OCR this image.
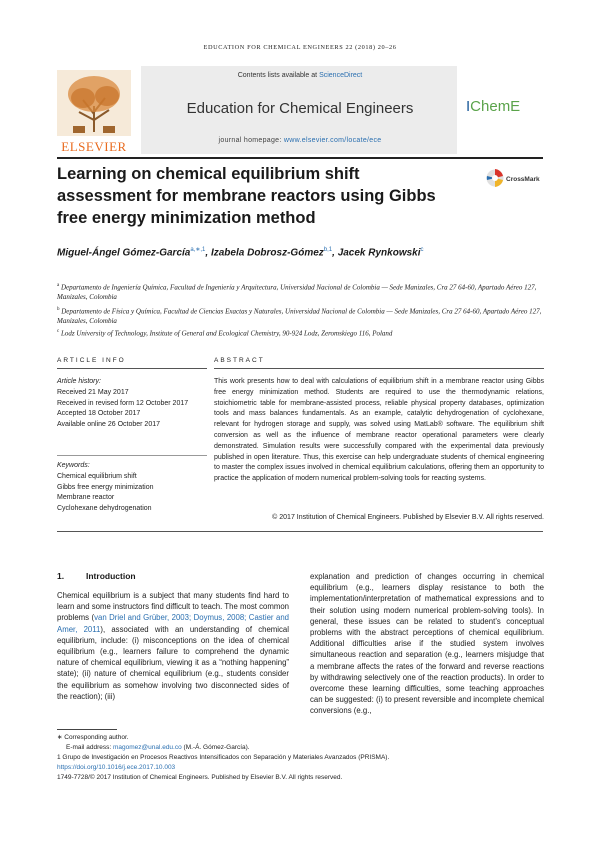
EDUCATION FOR CHEMICAL ENGINEERS 22 (2018) 20–26
ELSEVIER
Contents lists available at ScienceDirect
Education for Chemical Engineers
journal homepage: www.elsevier.com/locate/ece
IChemE
Learning on chemical equilibrium shift assessment for membrane reactors using Gibbs free energy minimization method
CrossMark
Miguel-Ángel Gómez-García$^{a,∗,1}$, Izabela Dobrosz-Gómez$^{b,1}$, Jacek Rynkowski$^c$
$^a$ Departamento de Ingeniería Química, Facultad de Ingeniería y Arquitectura, Universidad Nacional de Colombia — Sede Manizales, Cra 27 64-60, Apartado Aéreo 127, Manizales, Colombia
$^b$ Departamento de Física y Química, Facultad de Ciencias Exactas y Naturales, Universidad Nacional de Colombia — Sede Manizales, Cra 27 64-60, Apartado Aéreo 127, Manizales, Colombia
$^c$ Lodz University of Technology, Institute of General and Ecological Chemistry, 90-924 Lodz, Zeromskiego 116, Poland
ARTICLE INFO	ABSTRACT
Article history:
Received 21 May 2017
Received in revised form 12 October 2017
Accepted 18 October 2017
Available online 26 October 2017
Keywords:
Chemical equilibrium shift
Gibbs free energy minimization
Membrane reactor
Cyclohexane dehydrogenation
This work presents how to deal with calculations of equilibrium shift in a membrane reactor using Gibbs free energy minimization method. Students are required to use the thermodynamic relations, stoichiometric table for membrane-assisted process, reliable physical property databases, optimization tools and mass balances fundamentals. As an example, catalytic dehydrogenation of cyclohexane, relevant for hydrogen storage and supply, was solved using MatLab® software. The equilibrium shift conversion as well as the influence of membrane reactor operational parameters were clearly demonstrated. Simulation results were successfully compared with the experimental data previously published in open literature. Thus, this exercise can help undergraduate students of chemical engineering to master the complex issues involved in chemical equilibrium calculations, offering them an opportunity to practice the application of modern numerical problem-solving tools for reacting systems.
© 2017 Institution of Chemical Engineers. Published by Elsevier B.V. All rights reserved.
1.	Introduction
Chemical equilibrium is a subject that many students find hard to learn and some instructors find difficult to teach. The most common problems (van Driel and Grüber, 2003; Doymus, 2008; Castier and Amer, 2011), associated with an understanding of chemical equilibrium, include: (i) misconceptions on the idea of chemical equilibrium (e.g., learners failure to comprehend the dynamic nature of chemical equilibrium, viewing it as a “nothing happening” state); (ii) nature of chemical equilibrium (e.g., students consider the equilibrium as somehow involving two disconnected sides of the reaction); (iii)
explanation and prediction of changes occurring in chemical equilibrium (e.g., learners display resistance to both the implementation/interpretation of mathematical expressions and to their solution using modern numerical problem-solving tools). In general, these issues can be related to student’s conceptual problems with the abstract perceptions of chemical equilibrium. Additional difficulties arise if the studied system involves simultaneous reaction and separation (e.g., learners misjudge that a membrane affects the rates of the forward and reverse reactions by withdrawing selectively one of the reaction products). In order to overcome these learning difficulties, some teaching approaches can be suggested: (i) to present reversible and incomplete chemical conversions (e.g.,
∗ Corresponding author.
E-mail address: magomez@unal.edu.co (M.-Á. Gómez-García).
1 Grupo de Investigación en Procesos Reactivos Intensificados con Separación y Materiales Avanzados (PRISMA).
https://doi.org/10.1016/j.ece.2017.10.003
1749-7728/© 2017 Institution of Chemical Engineers. Published by Elsevier B.V. All rights reserved.
